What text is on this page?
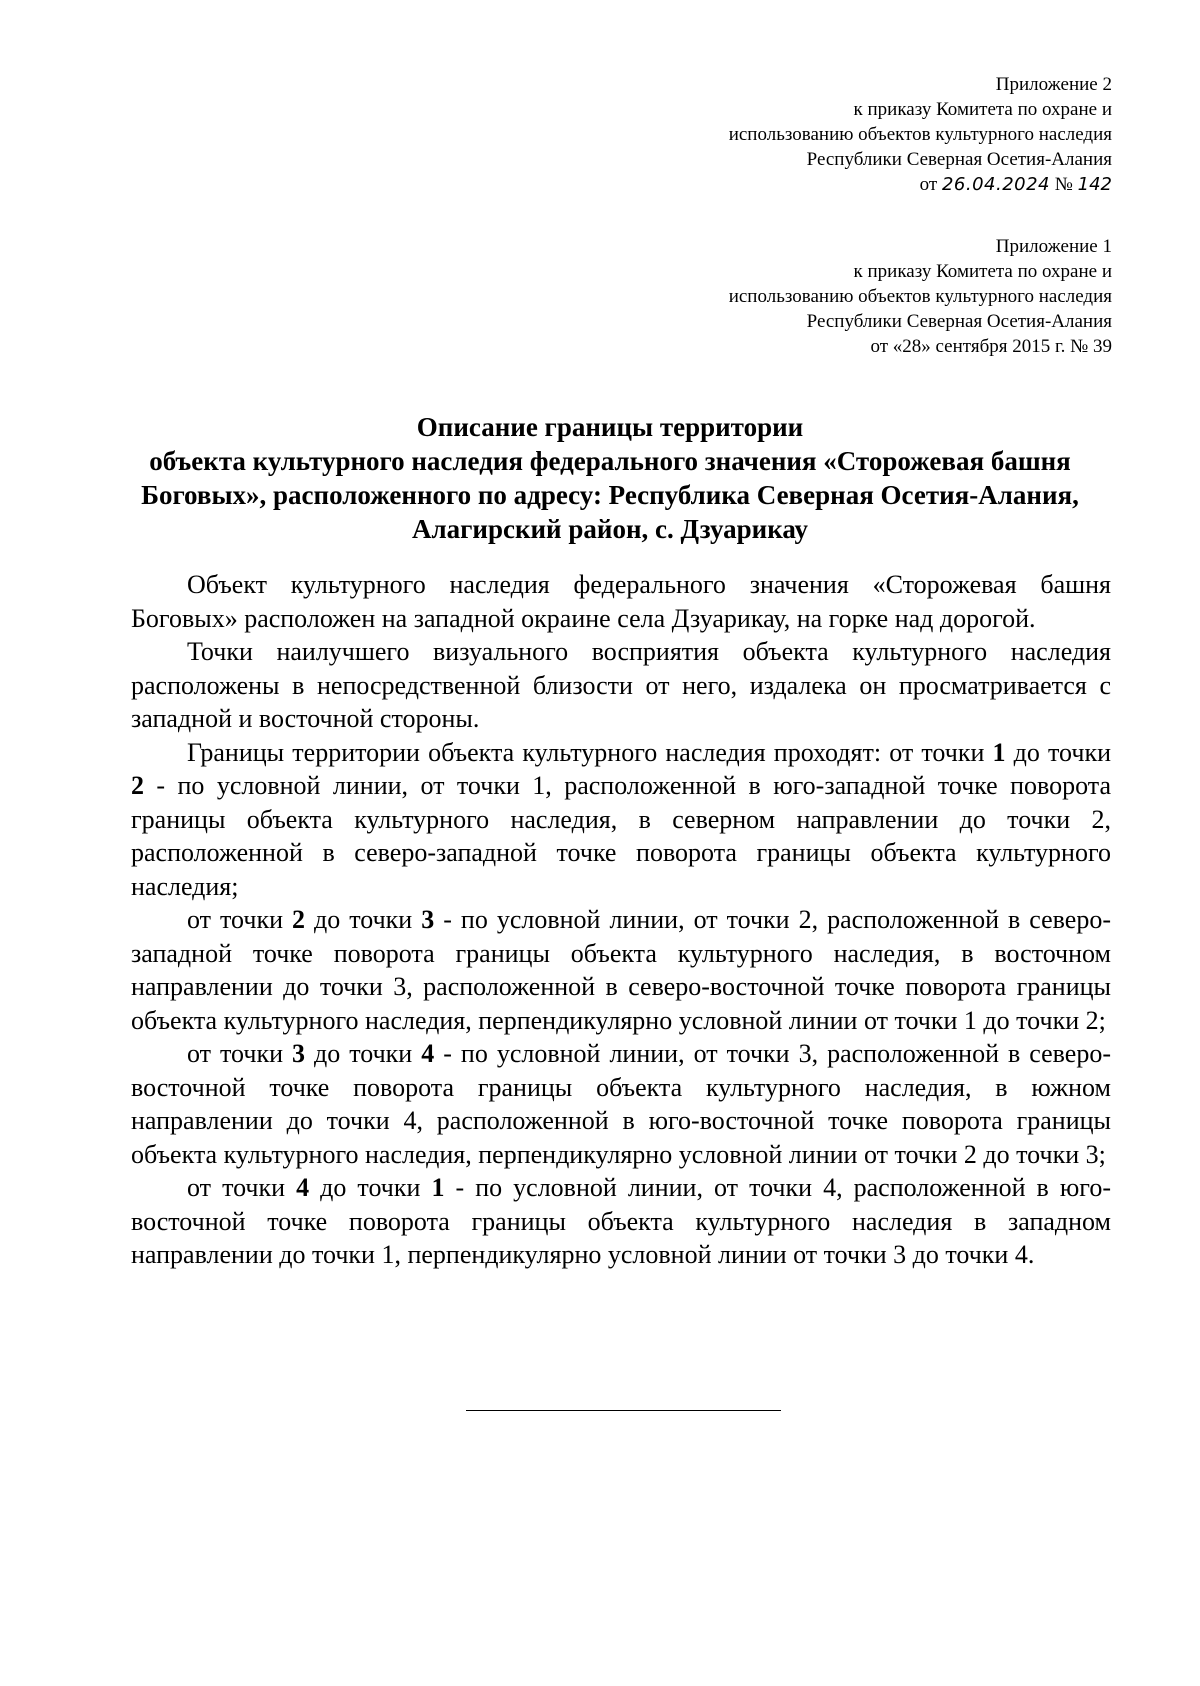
Приложение 2
к приказу Комитета по охране и
использованию объектов культурного наследия
Республики Северная Осетия-Алания
от 26.04.2024 № 142
Приложение 1
к приказу Комитета по охране и
использованию объектов культурного наследия
Республики Северная Осетия-Алания
от «28» сентября 2015 г. № 39
Описание границы территории
объекта культурного наследия федерального значения «Сторожевая башня
Боговых», расположенного по адресу: Республика Северная Осетия-Алания,
Алагирский район, с. Дзуарикау

Объект культурного наследия федерального значения «Сторожевая башня Боговых» расположен на западной окраине села Дзуарикау, на горке над дорогой.

Точки наилучшего визуального восприятия объекта культурного наследия расположены в непосредственной близости от него, издалека он просматривается с западной и восточной стороны.

Границы территории объекта культурного наследия проходят: от точки 1 до точки 2 - по условной линии, от точки 1, расположенной в юго-западной точке поворота границы объекта культурного наследия, в северном направлении до точки 2, расположенной в северо-западной точке поворота границы объекта культурного наследия;

от точки 2 до точки 3 - по условной линии, от точки 2, расположенной в северо-западной точке поворота границы объекта культурного наследия, в восточном направлении до точки 3, расположенной в северо-восточной точке поворота границы объекта культурного наследия, перпендикулярно условной линии от точки 1 до точки 2;

от точки 3 до точки 4 - по условной линии, от точки 3, расположенной в северо-восточной точке поворота границы объекта культурного наследия, в южном направлении до точки 4, расположенной в юго-восточной точке поворота границы объекта культурного наследия, перпендикулярно условной линии от точки 2 до точки 3;

от точки 4 до точки 1 - по условной линии, от точки 4, расположенной в юго-восточной точке поворота границы объекта культурного наследия в западном направлении до точки 1, перпендикулярно условной линии от точки 3 до точки 4.
